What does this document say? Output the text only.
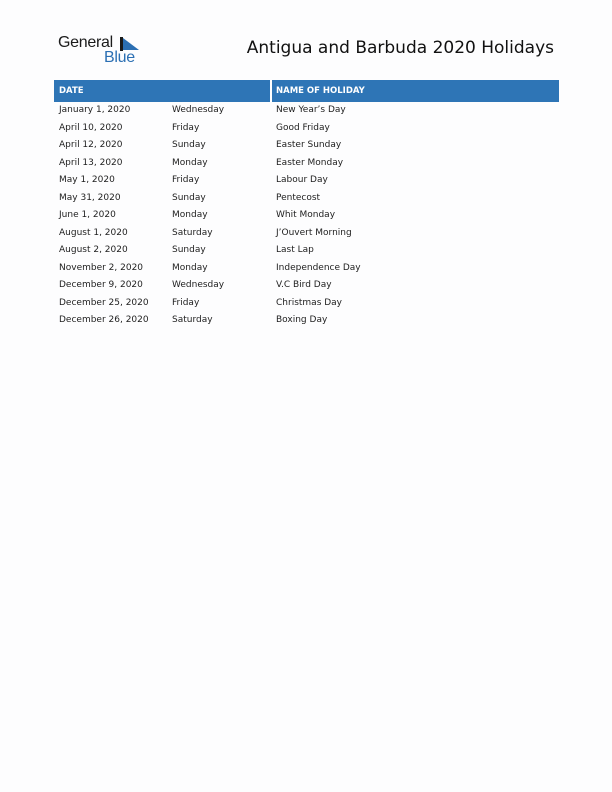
General
Blue	Antigua and Barbuda 2020 Holidays
DATE	NAME OF HOLIDAY
January 1, 2020	Wednesday	New Year’s Day
April 10, 2020	Friday	Good Friday
April 12, 2020	Sunday	Easter Sunday
April 13, 2020	Monday	Easter Monday
May 1, 2020	Friday	Labour Day
May 31, 2020	Sunday	Pentecost
June 1, 2020	Monday	Whit Monday
August 1, 2020	Saturday	J’Ouvert Morning
August 2, 2020	Sunday	Last Lap
November 2, 2020	Monday	Independence Day
December 9, 2020	Wednesday	V.C Bird Day
December 25, 2020	Friday	Christmas Day
December 26, 2020	Saturday	Boxing Day
